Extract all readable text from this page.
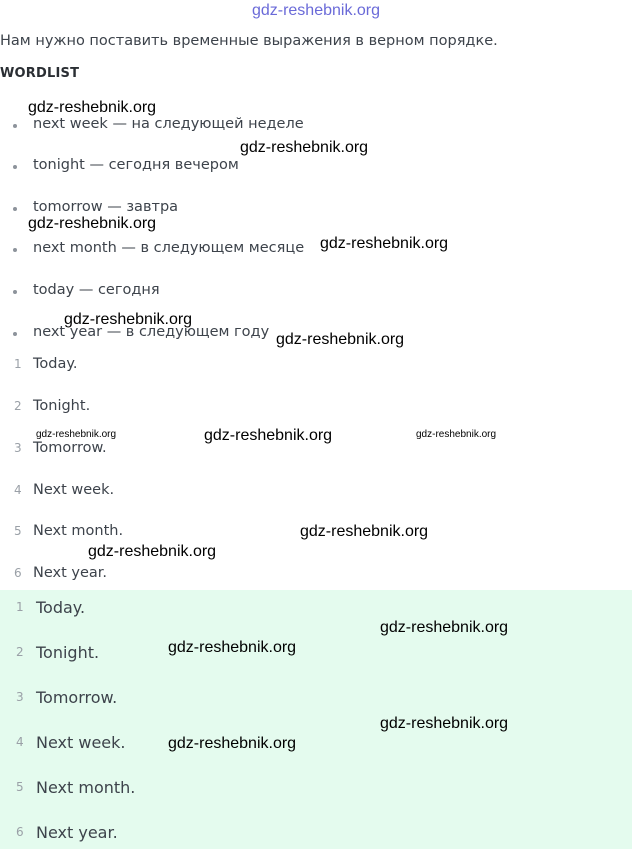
gdz-reshebnik.org
Нам нужно поставить временные выражения в верном порядке.
WORDLIST
next week — на следующей неделе
tonight — сегодня вечером
tomorrow — завтра
next month — в следующем месяце
today — сегодня
next year — в следующем году
1 Today.
2 Tonight.
3 Tomorrow.
4 Next week.
5 Next month.
6 Next year.
1 Today.
2 Tonight.
3 Tomorrow.
4 Next week.
5 Next month.
6 Next year.
gdz-reshebnik.org
gdz-reshebnik.org
gdz-reshebnik.org
gdz-reshebnik.org
gdz-reshebnik.org
gdz-reshebnik.org
gdz-reshebnik.org	gdz-reshebnik.org	gdz-reshebnik.org
gdz-reshebnik.org
gdz-reshebnik.org
gdz-reshebnik.org
gdz-reshebnik.org
gdz-reshebnik.org
gdz-reshebnik.org
